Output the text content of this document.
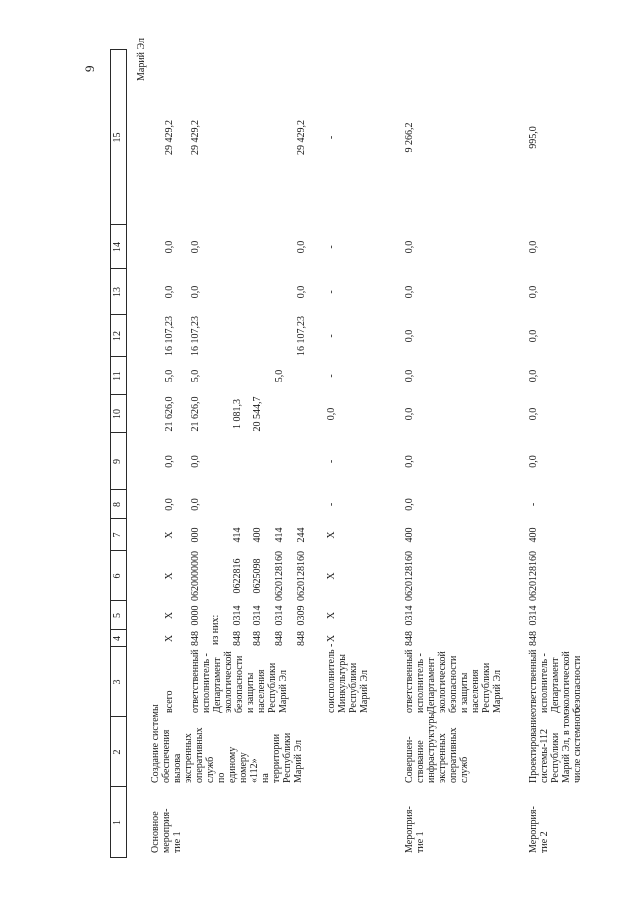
9
1
2
3
4
5
6
7
8
9
10
11
12
13
14
15
Марий Эл
Основное мероприя- тие 1
Создание системы обеспечения вызова экстренных оперативных служб по единому номеру «112» на территории Республики Марий Эл
всего
X
X
X
X
0,0
0,0
21 626,0
5,0
16 107,23
0,0
0,0
29 429,2
ответственный исполнитель - Департамент экологической безопасности и защиты населения Республики Марий Эл
848
0000
0620000000
000
0,0
0,0
21 626,0
5,0
16 107,23
0,0
0,0
29 429,2
из них: 848
0314
0622816
414
1 081,3
848
0314
0625098
400
20 544,7
848
0314
0620128160
414
5,0
848
0309
0620128160
244
16 107,23
0,0
0,0
29 429,2
соисполнитель - Минкультуры Республики Марий Эл
X
X
X
X
-
-
0,0
-
-
-
-
-
Мероприя- тие 1
Совершен- ствование инфраструктуры экстренных оперативных служб
ответственный исполнитель - Департамент экологической безопасности и защиты населения Республики Марий Эл
848
0314
0620128160
400
0,0
0,0
0,0
0,0
0,0
0,0
0,0
9 266,2
Мероприя- тие 2
Проектирование системы-112 Республики Марий Эл, в том числе системного
ответственный исполнитель - Департамент экологической безопасности
848
0314
0620128160
400
-
0,0
0,0
0,0
0,0
0,0
0,0
995,0
